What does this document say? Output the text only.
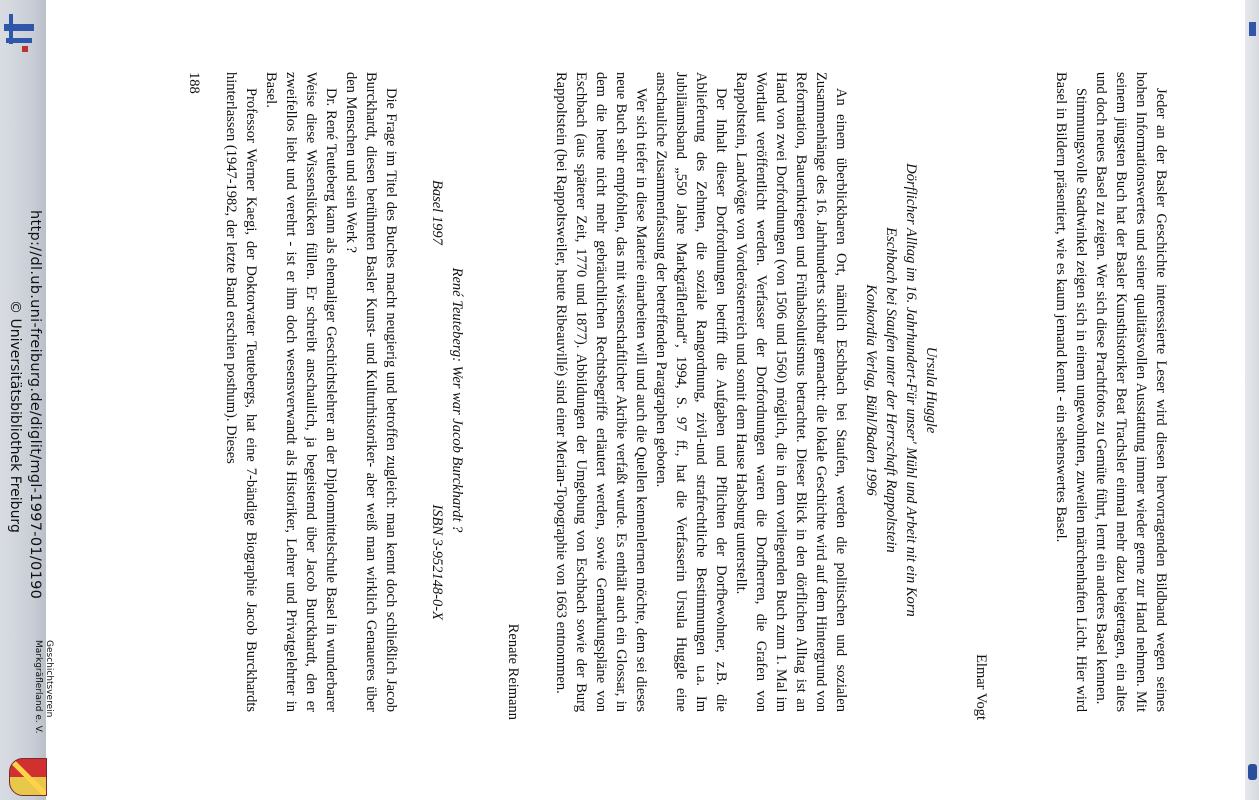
Jeder an der Basler Geschichte interessierte Leser wird diesen hervorragenden Bildband wegen seines hohen Informationswertes und seiner qualitätsvollen Ausstattung immer wieder gerne zur Hand nehmen. Mit seinem jüngsten Buch hat der Basler Kunsthistoriker Beat Trachsler einmal mehr dazu beigetragen, ein altes und doch neues Basel zu zeigen. Wer sich diese Prachtfotos zu Gemüte führt, lernt ein anderes Basel kennen.

Stimmungsvolle Stadtwinkel zeigen sich in einem ungewohnten, zuweilen märchenhaften Licht. Hier wird Basel in Bildern präsentiert, wie es kaum jemand kennt - ein sehenswertes Basel.

Elmar Vogt
Ursula Huggle
Dörflicher Alltag im 16. Jahrhundert-Für unser' Mühl und Arbeit nit ein Korn
Eschbach bei Staufen unter der Herrschaft Rappoltstein
Konkordia Verlag, Bühl/Baden 1996

An einem überblickbaren Ort, nämlich Eschbach bei Staufen, werden die politischen und sozialen Zusammenhänge des 16. Jahrhunderts sichtbar gemacht: die lokale Geschichte wird auf dem Hintergrund von Reformation, Bauernkriegen und Frühabsolutismus betrachtet. Dieser Blick in den dörflichen Alltag ist an Hand von zwei Dorfordnungen (von 1506 und 1560) möglich, die in dem vorliegenden Buch zum 1. Mal im Wortlaut veröffentlicht werden. Verfasser der Dorfordnungen waren die Dorfherren, die Grafen von Rappoltstein, Landvögte von Vorderösterreich und somit dem Hause Habsburg unterstellt.

Der Inhalt dieser Dorfordnungen betrifft die Aufgaben und Pflichten der Dorfbewohner, z.B. die Ablieferung des Zehnten, die soziale Rangordnung, zivil-und strafrechtliche Bestimmungen u.a. Im Jubiläumsband „550 Jahre Markgräflerland“, 1994, S. 97 ff., hat die Verfasserin Ursula Huggle eine anschauliche Zusammenfassung der betreffenden Paragraphen geboten.

Wer sich tiefer in diese Materie einarbeiten will und auch die Quellen kennenlernen möchte, dem sei dieses neue Buch sehr empfohlen, das mit wissenschaftlicher Akribie verfaßt wurde. Es enthält auch ein Glossar, in dem die heute nicht mehr gebräuchlichen Rechtsbegriffe erläutert werden, sowie Gemarkungspläne von Eschbach (aus späterer Zeit, 1770 und 1877). Abbildungen der Umgebung von Eschbach sowie der Burg Rappoltstein (bei Rappoltsweiler, heute Ribeauvillé) sind einer Merian-Topographie von 1663 entnommen.

Renate Reimann
René Teuteberg: Wer war Jacob Burckhardt ?
Basel 1997
ISBN 3-952148-0-X

Die Frage im Titel des Buches macht neugierig und betroffen zugleich: man kennt doch schließlich Jacob Burckhardt, diesen berühmten Basler Kunst- und Kulturhistoriker- aber weiß man wirklich Genaueres über den Menschen und sein Werk ?

Dr. René Teuteberg kann als ehemaliger Geschichtslehrer an der Diplommittelschule Basel in wunderbarer Weise diese Wissenslücken füllen. Er schreibt anschaulich, ja begeistemd über Jacob Burckhardt, den er zweifellos liebt und verehrt - ist er ihm doch wesensverwandt als Historiker, Lehrer und Privatgelehrter in Basel.

Professor Werner Kaegi, der Doktorvater Teutebergs, hat eine 7-bändige Biographie Jacob Burckhardts hinterlassen (1947-1982, der letzte Band erschien posthum). Dieses

188
http://dl.ub.uni-freiburg.de/diglit/mgl-1997-01/0190
© Universitätsbibliothek Freiburg
Geschichtsverein
Markgräflerland e. V.
